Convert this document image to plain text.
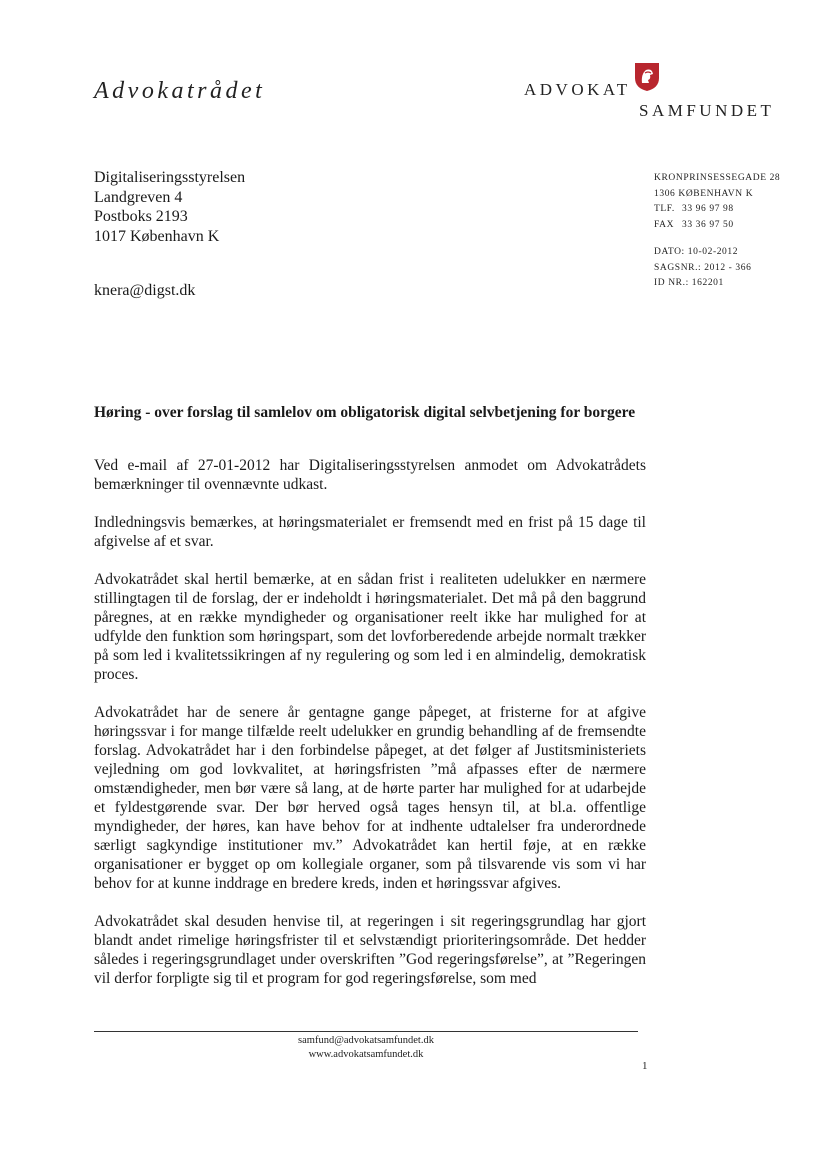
Advokatrådet	ADVOKAT
SAMFUNDET
Digitaliseringsstyrelsen
Landgreven 4
Postboks 2193
1017 København K
knera@digst.dk
KRONPRINSESSEGADE 28
1306 KØBENHAVN K
TLF. 33 96 97 98
FAX 33 36 97 50
DATO: 10-02-2012
SAGSNR.: 2012 - 366
ID NR.: 162201
Høring - over forslag til samlelov om obligatorisk digital selvbetjening for borgere

Ved e-mail af 27-01-2012 har Digitaliseringsstyrelsen anmodet om Advokatrådets bemærkninger til ovennævnte udkast.

Indledningsvis bemærkes, at høringsmaterialet er fremsendt med en frist på 15 dage til afgivelse af et svar.

Advokatrådet skal hertil bemærke, at en sådan frist i realiteten udelukker en nærmere stillingtagen til de forslag, der er indeholdt i høringsmaterialet. Det må på den baggrund påregnes, at en række myndigheder og organisationer reelt ikke har mulighed for at udfylde den funktion som høringspart, som det lovforberedende arbejde normalt trækker på som led i kvalitetssikringen af ny regulering og som led i en almindelig, demokratisk proces.

Advokatrådet har de senere år gentagne gange påpeget, at fristerne for at afgive høringssvar i for mange tilfælde reelt udelukker en grundig behandling af de fremsendte forslag. Advokatrådet har i den forbindelse påpeget, at det følger af Justitsministeriets vejledning om god lovkvalitet, at høringsfristen ”må afpasses efter de nærmere omstændigheder, men bør være så lang, at de hørte parter har mulighed for at udarbejde et fyldestgørende svar. Der bør herved også tages hensyn til, at bl.a. offentlige myndigheder, der høres, kan have behov for at indhente udtalelser fra underordnede særligt sagkyndige institutioner mv.” Advokatrådet kan hertil føje, at en række organisationer er bygget op om kollegiale organer, som på tilsvarende vis som vi har behov for at kunne inddrage en bredere kreds, inden et høringssvar afgives.

Advokatrådet skal desuden henvise til, at regeringen i sit regeringsgrundlag har gjort blandt andet rimelige høringsfrister til et selvstændigt prioriteringsområde. Det hedder således i regeringsgrundlaget under overskriften ”God regeringsførelse”, at ”Regeringen vil derfor forpligte sig til et program for god regeringsførelse, som med

samfund@advokatsamfundet.dk
www.advokatsamfundet.dk
1
